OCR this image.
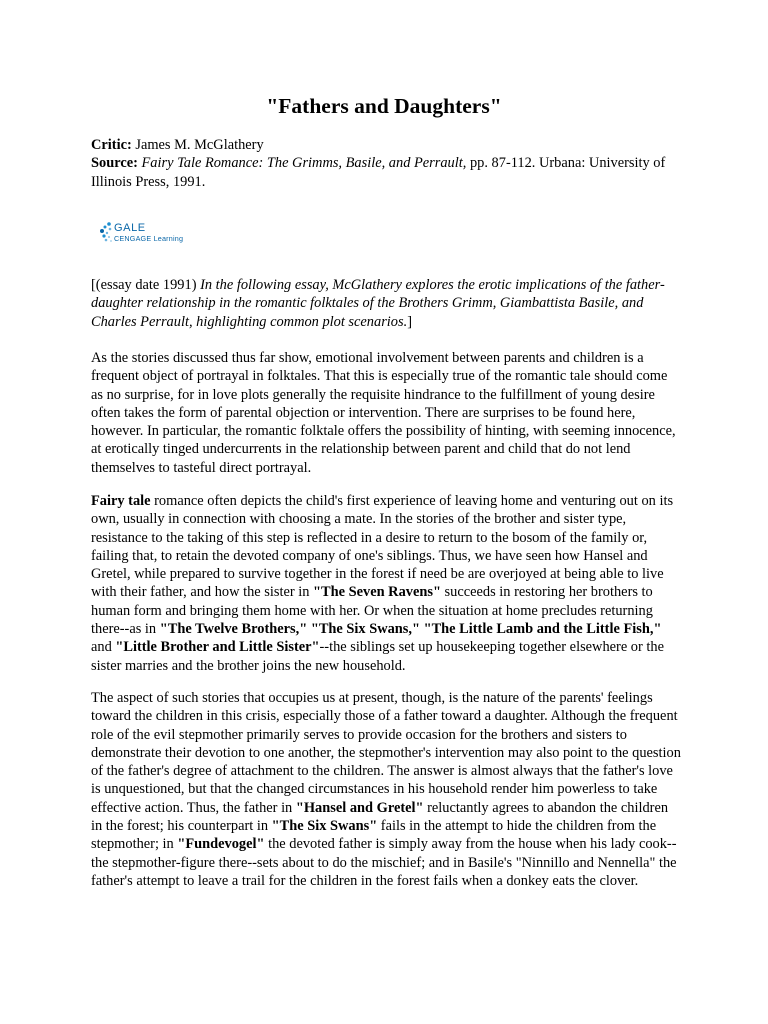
"Fathers and Daughters"
Critic: James M. McGlathery
Source: Fairy Tale Romance: The Grimms, Basile, and Perrault, pp. 87-112. Urbana: University of Illinois Press, 1991.
GALE
CENGAGE Learning
[(essay date 1991) In the following essay, McGlathery explores the erotic implications of the father-daughter relationship in the romantic folktales of the Brothers Grimm, Giambattista Basile, and Charles Perrault, highlighting common plot scenarios.]
As the stories discussed thus far show, emotional involvement between parents and children is a frequent object of portrayal in folktales. That this is especially true of the romantic tale should come as no surprise, for in love plots generally the requisite hindrance to the fulfillment of young desire often takes the form of parental objection or intervention. There are surprises to be found here, however. In particular, the romantic folktale offers the possibility of hinting, with seeming innocence, at erotically tinged undercurrents in the relationship between parent and child that do not lend themselves to tasteful direct portrayal.
Fairy tale romance often depicts the child's first experience of leaving home and venturing out on its own, usually in connection with choosing a mate. In the stories of the brother and sister type, resistance to the taking of this step is reflected in a desire to return to the bosom of the family or, failing that, to retain the devoted company of one's siblings. Thus, we have seen how Hansel and Gretel, while prepared to survive together in the forest if need be are overjoyed at being able to live with their father, and how the sister in "The Seven Ravens" succeeds in restoring her brothers to human form and bringing them home with her. Or when the situation at home precludes returning there--as in "The Twelve Brothers," "The Six Swans," "The Little Lamb and the Little Fish," and "Little Brother and Little Sister"--the siblings set up housekeeping together elsewhere or the sister marries and the brother joins the new household.
The aspect of such stories that occupies us at present, though, is the nature of the parents' feelings toward the children in this crisis, especially those of a father toward a daughter. Although the frequent role of the evil stepmother primarily serves to provide occasion for the brothers and sisters to demonstrate their devotion to one another, the stepmother's intervention may also point to the question of the father's degree of attachment to the children. The answer is almost always that the father's love is unquestioned, but that the changed circumstances in his household render him powerless to take effective action. Thus, the father in "Hansel and Gretel" reluctantly agrees to abandon the children in the forest; his counterpart in "The Six Swans" fails in the attempt to hide the children from the stepmother; in "Fundevogel" the devoted father is simply away from the house when his lady cook--the stepmother-figure there--sets about to do the mischief; and in Basile's "Ninnillo and Nennella" the father's attempt to leave a trail for the children in the forest fails when a donkey eats the clover.
